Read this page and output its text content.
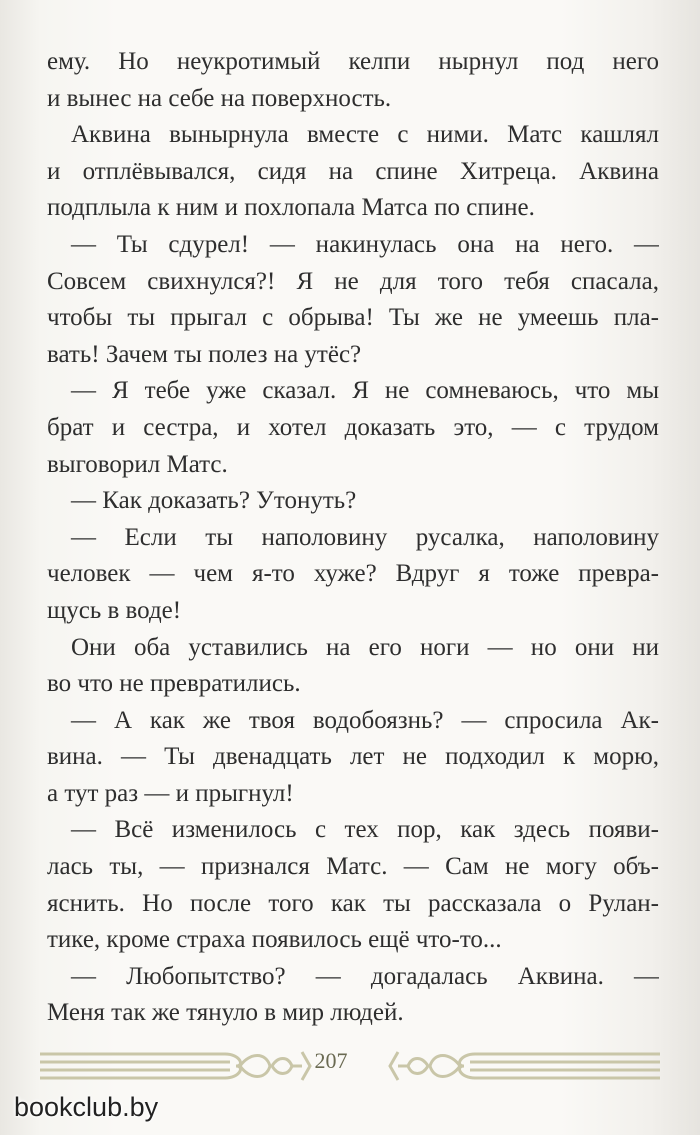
ему. Но неукротимый келпи нырнул под него

и вынес на себе на поверхность.

Аквина вынырнула вместе с ними. Матс кашлял

и отплёвывался, сидя на спине Хитреца. Аквина

подплыла к ним и похлопала Матса по спине.

— Ты сдурел! — накинулась она на него. —

Совсем свихнулся?! Я не для того тебя спасала,

чтобы ты прыгал с обрыва! Ты же не умеешь пла-

вать! Зачем ты полез на утёс?

— Я тебе уже сказал. Я не сомневаюсь, что мы

брат и сестра, и хотел доказать это, — с трудом

выговорил Матс.

— Как доказать? Утонуть?

— Если ты наполовину русалка, наполовину

человек — чем я-то хуже? Вдруг я тоже превра-

щусь в воде!

Они оба уставились на его ноги — но они ни

во что не превратились.

— А как же твоя водобоязнь? — спросила Ак-

вина. — Ты двенадцать лет не подходил к морю,

а тут раз — и прыгнул!

— Всё изменилось с тех пор, как здесь появи-

лась ты, — признался Матс. — Сам не могу объ-

яснить. Но после того как ты рассказала о Рулан-

тике, кроме страха появилось ещё что-то...

— Любопытство? — догадалась Аквина. —

Меня так же тянуло в мир людей.

207
bookclub.by
